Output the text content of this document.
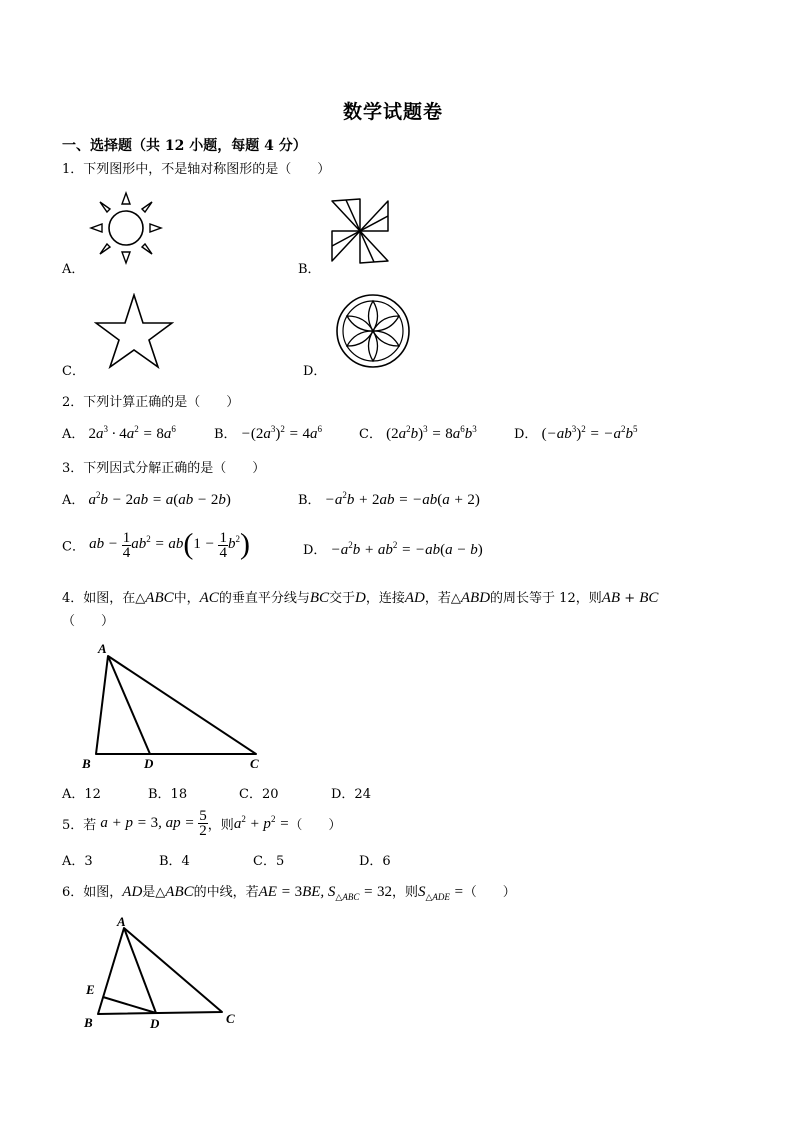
数学试题卷
一、选择题（共 12 小题，每题 4 分）
1．下列图形中，不是轴对称图形的是（　　）
A．	B．
C．	D．
2．下列计算正确的是（　　）
A． $2a^3 \cdot 4a^2 = 8a^6$	B． $-(2a^3)^2 = 4a^6$	C． $(2a^2b)^3 = 8a^6b^3$	D． $(-ab^3)^2 = -a^2b^5$
3．下列因式分解正确的是（　　）
A． $a^2b - 2ab = a(ab - 2b)$	B． $-a^2b + 2ab = -ab(a + 2)$
C． ab − $\frac{1}{4} ab^2 = ab(1 - \frac{1}{4} b^2)$	D． $-a^2b + ab^2 = -ab(a - b)$
4．如图，在△ABC中，AC的垂直平分线与BC交于D，连接AD，若△ABD的周长等于 12，则AB + BC
（　　）
A
B	D	C
A．12	B．18	C．20	D．24
5．若 a + p = 3, ap = $\frac{5}{2}$ ，则$a^2 + p^2$ =（　　）
A．3	B．4	C．5	D．6
6．如图，AD是△ABC的中线，若AE = 3BE, $S_{\triangle ABC} = 32$，则$S_{\triangle ADE}$ =（　　）
A
E
B	D	C
